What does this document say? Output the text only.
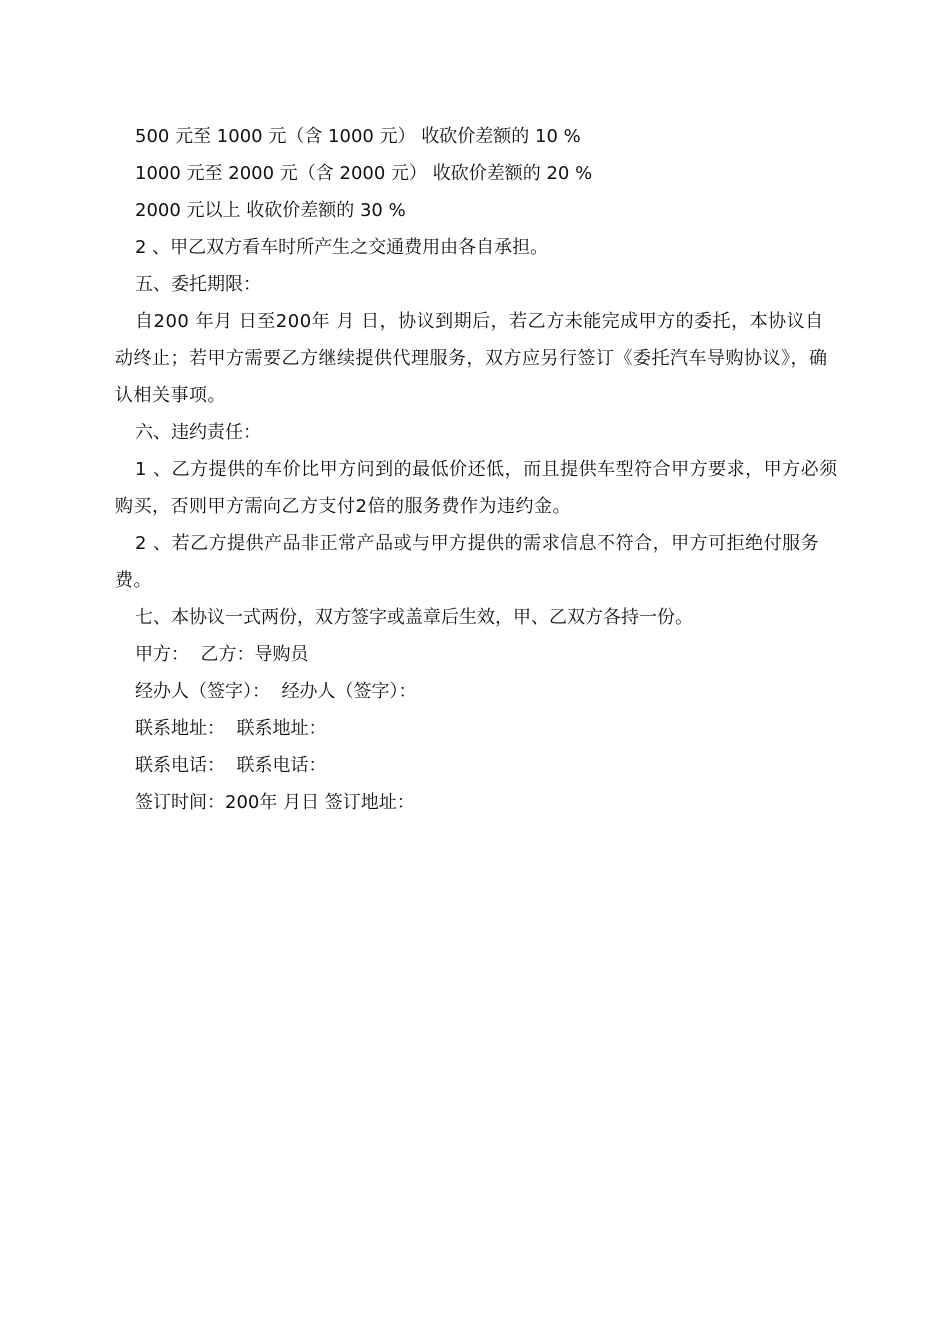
500 元至 1000 元（含 1000 元） 收砍价差额的 10 %

1000 元至 2000 元（含 2000 元） 收砍价差额的 20 %

2000 元以上 收砍价差额的 30 %

2 、甲乙双方看车时所产生之交通费用由各自承担。

五、委托期限：

自200 年月 日至200年 月 日，协议到期后，若乙方未能完成甲方的委托，本协议自动终止；若甲方需要乙方继续提供代理服务，双方应另行签订《委托汽车导购协议》，确认相关事项。

六、违约责任：

1 、乙方提供的车价比甲方问到的最低价还低，而且提供车型符合甲方要求，甲方必须购买，否则甲方需向乙方支付2倍的服务费作为违约金。

2 、若乙方提供产品非正常产品或与甲方提供的需求信息不符合，甲方可拒绝付服务费。

七、本协议一式两份，双方签字或盖章后生效，甲、乙双方各持一份。

甲方：  乙方：导购员

经办人（签字）：  经办人（签字）：

联系地址：  联系地址：

联系电话：  联系电话：

签订时间：200年 月日 签订地址：
